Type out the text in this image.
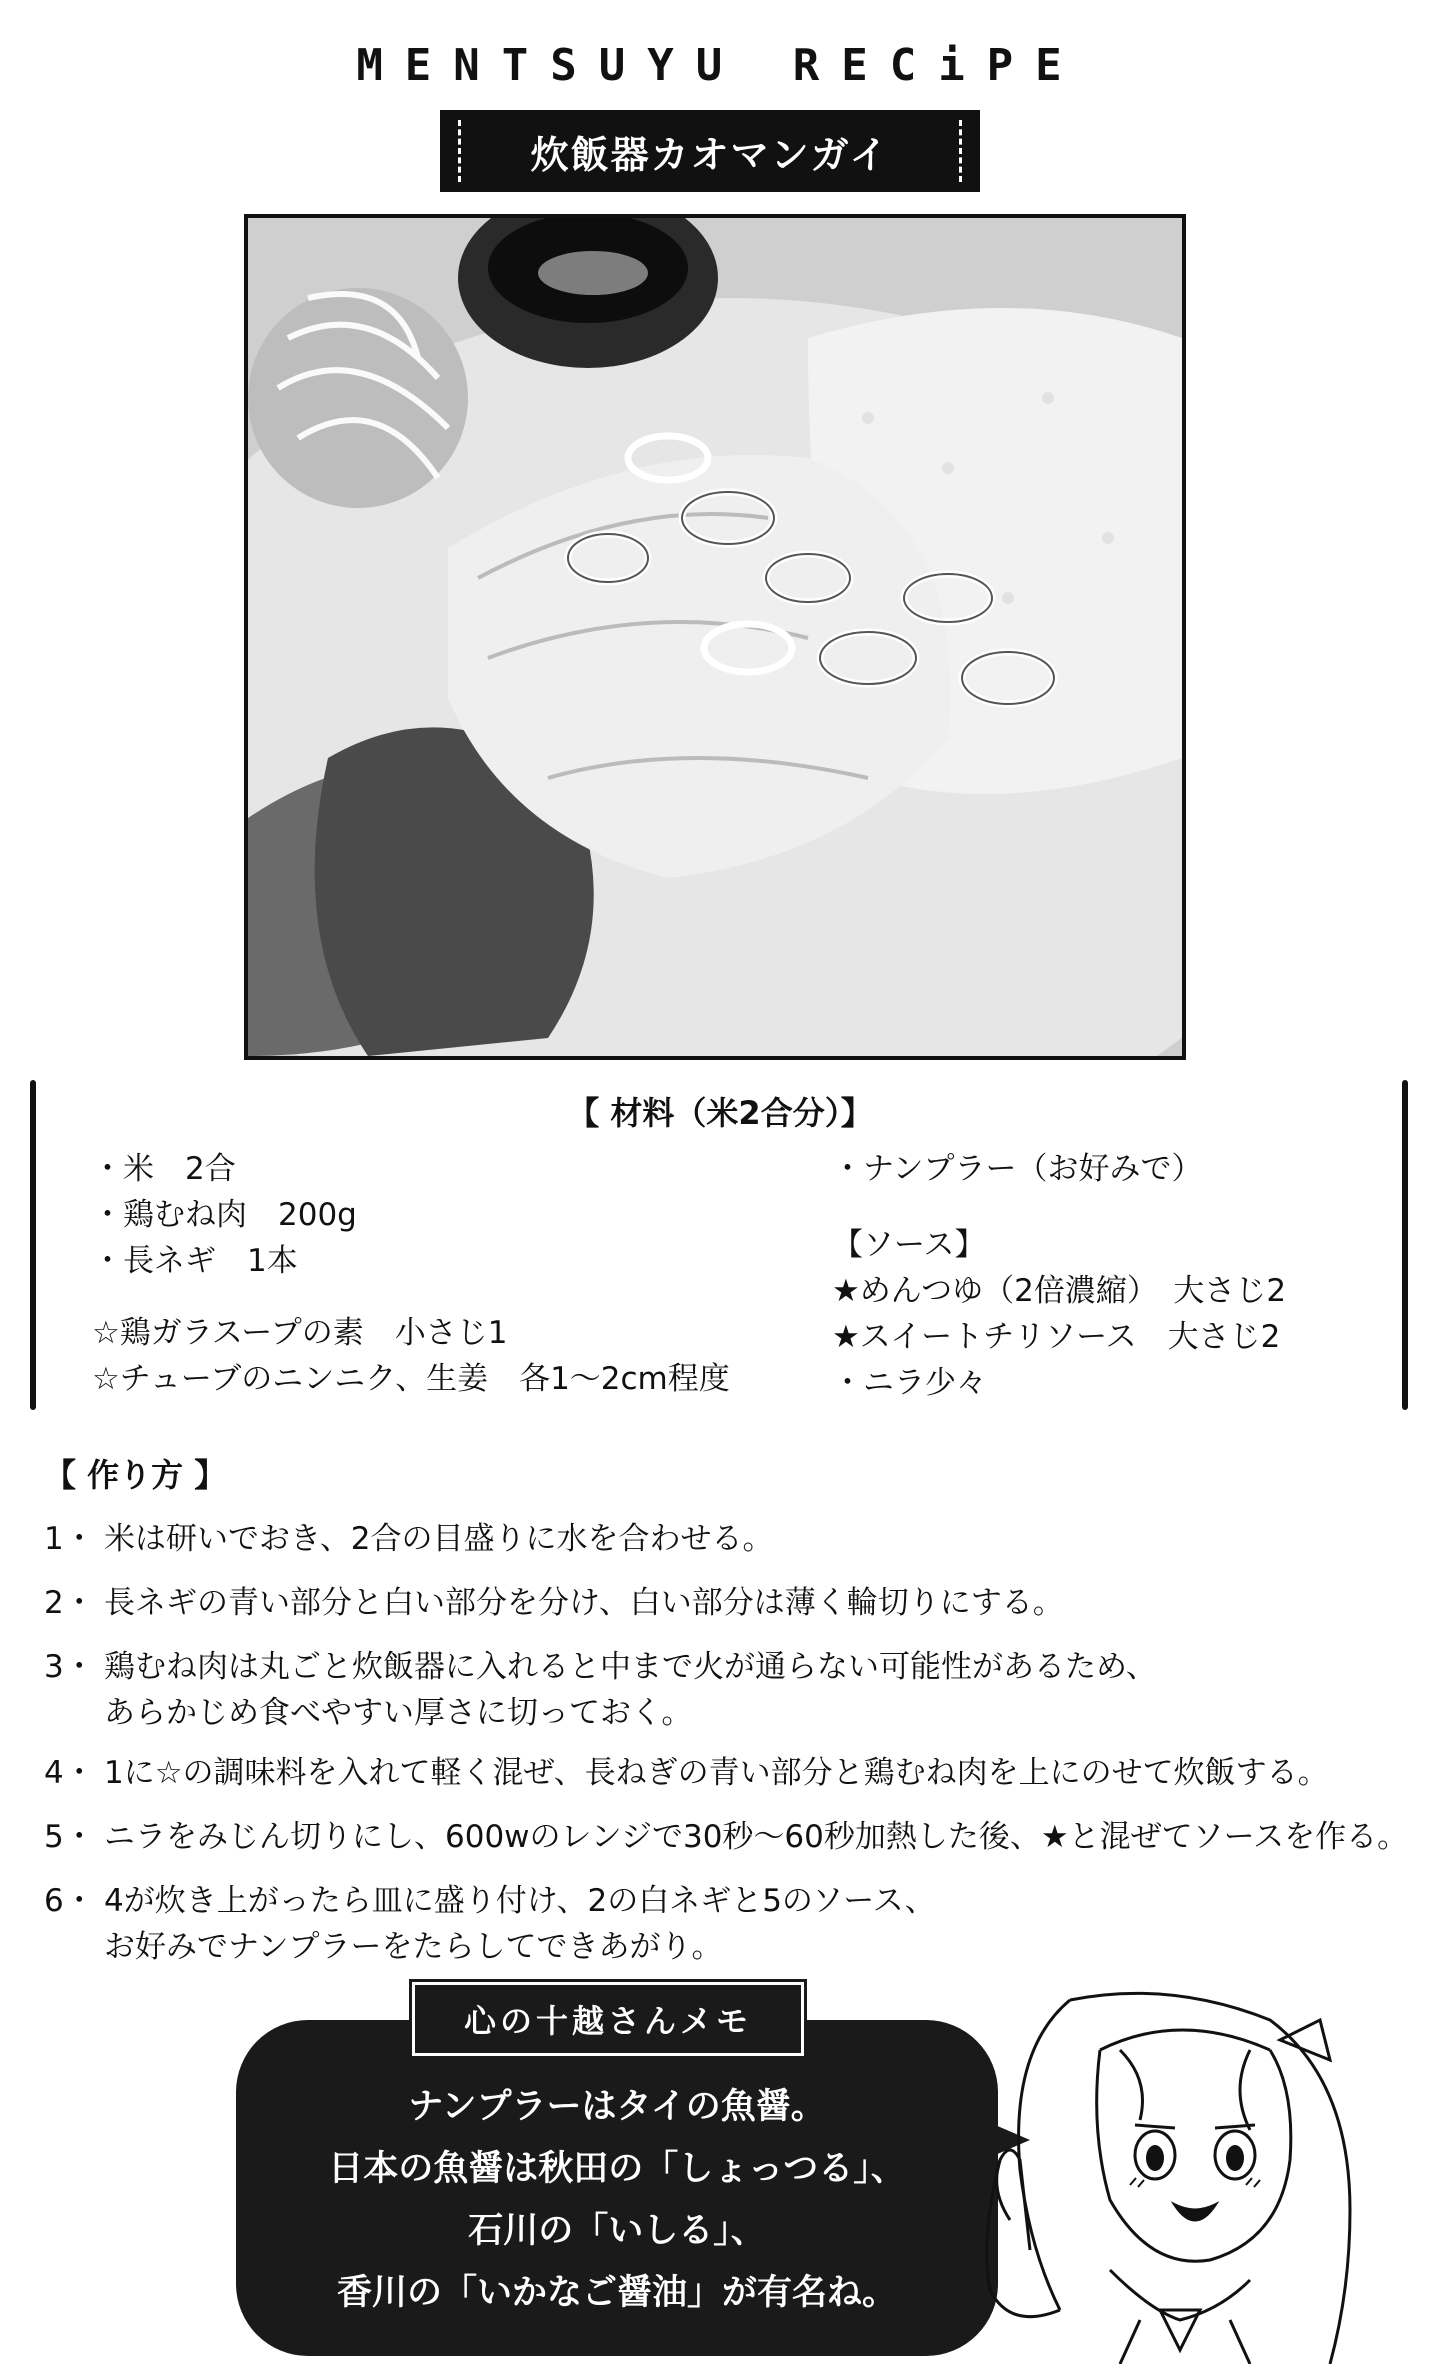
MENTSUYU RECiPE
炊飯器カオマンガイ
【 材料（米2合分）】
・米　2合
・鶏むね肉　200g
・長ネギ　1本
☆鶏ガラスープの素　小さじ1
☆チューブのニンニク、生姜　各1～2cm程度
・ナンプラー（お好みで）
【ソース】
★めんつゆ（2倍濃縮）　大さじ2
★スイートチリソース　大さじ2
・ニラ少々
【 作り方 】
1・ 米は研いでおき、2合の目盛りに水を合わせる。
2・ 長ネギの青い部分と白い部分を分け、白い部分は薄く輪切りにする。
3・ 鶏むね肉は丸ごと炊飯器に入れると中まで火が通らない可能性があるため、
あらかじめ食べやすい厚さに切っておく。
4・ 1に☆の調味料を入れて軽く混ぜ、長ねぎの青い部分と鶏むね肉を上にのせて炊飯する。
5・ ニラをみじん切りにし、600wのレンジで30秒～60秒加熱した後、★と混ぜてソースを作る。
6・ 4が炊き上がったら皿に盛り付け、2の白ネギと5のソース、
お好みでナンプラーをたらしてできあがり。
心の十越さんメモ
ナンプラーはタイの魚醤。
日本の魚醤は秋田の「しょっつる」、
石川の「いしる」、
香川の「いかなご醤油」が有名ね。
